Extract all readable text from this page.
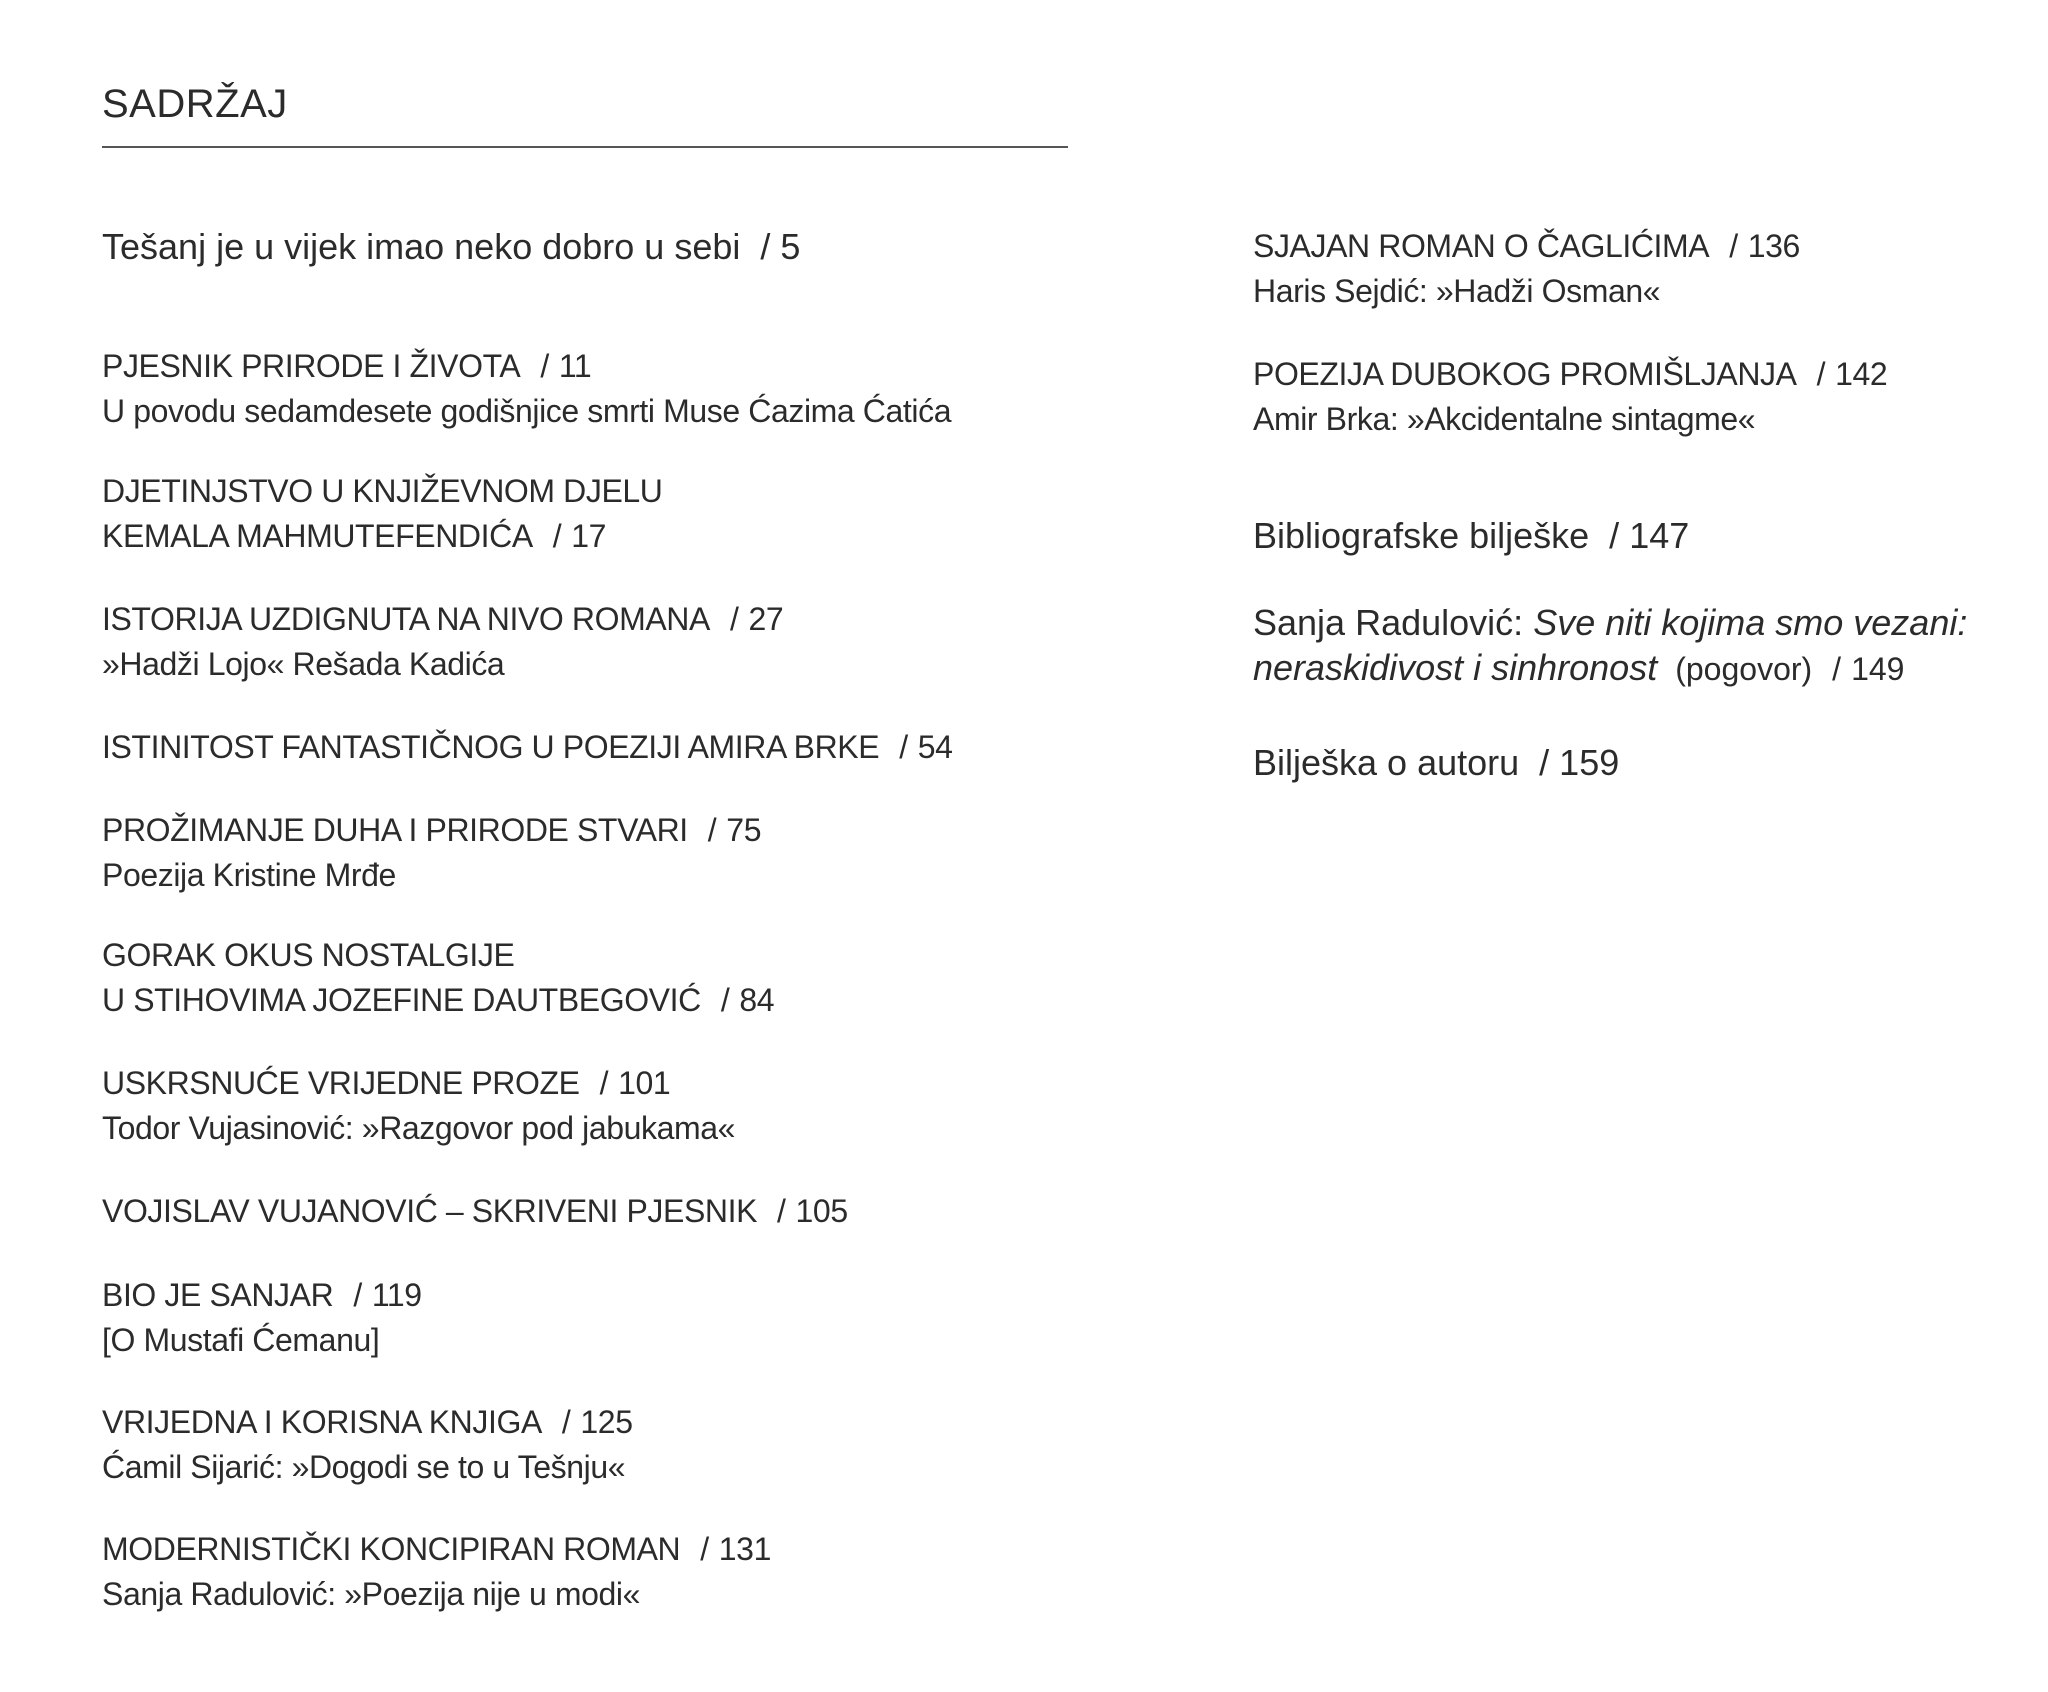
SADRŽAJ
Tešanj je u vijek imao neko dobro u sebi / 5
PJESNIK PRIRODE I ŽIVOTA / 11
U povodu sedamdesete godišnjice smrti Muse Ćazima Ćatića
DJETINJSTVO U KNJIŽEVNOM DJELU
KEMALA MAHMUTEFENDIĆA / 17
ISTORIJA UZDIGNUTA NA NIVO ROMANA / 27
»Hadži Lojo« Rešada Kadića
ISTINITOST FANTASTIČNOG U POEZIJI AMIRA BRKE / 54
PROŽIMANJE DUHA I PRIRODE STVARI / 75
Poezija Kristine Mrđe
GORAK OKUS NOSTALGIJE
U STIHOVIMA JOZEFINE DAUTBEGOVIĆ / 84
USKRSNUĆE VRIJEDNE PROZE / 101
Todor Vujasinović: »Razgovor pod jabukama«
VOJISLAV VUJANOVIĆ – SKRIVENI PJESNIK / 105
BIO JE SANJAR / 119
[O Mustafi Ćemanu]
VRIJEDNA I KORISNA KNJIGA / 125
Ćamil Sijarić: »Dogodi se to u Tešnju«
MODERNISTIČKI KONCIPIRAN ROMAN / 131
Sanja Radulović: »Poezija nije u modi«
SJAJAN ROMAN O ČAGLIĆIMA / 136
Haris Sejdić: »Hadži Osman«
POEZIJA DUBOKOG PROMIŠLJANJA / 142
Amir Brka: »Akcidentalne sintagme«
Bibliografske bilješke / 147
Sanja Radulović: Sve niti kojima smo vezani:
neraskidivost i sinhronost (pogovor) / 149
Bilješka o autoru / 159
